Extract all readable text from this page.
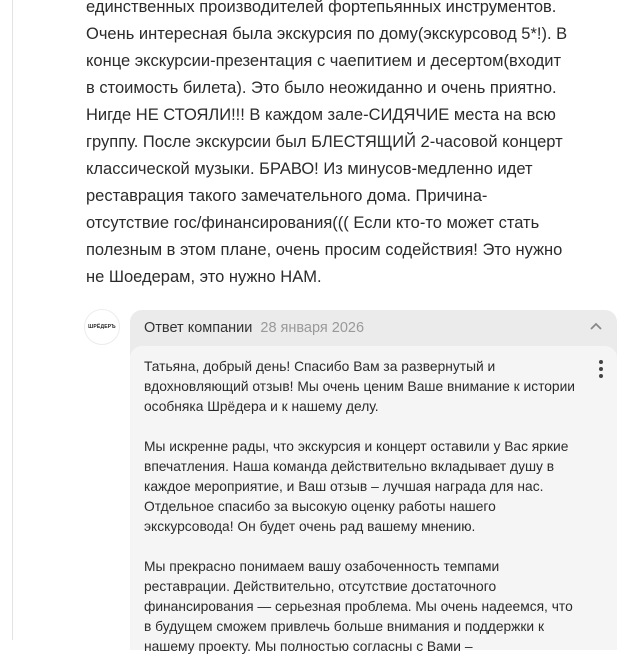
единственных производителей фортепьянных инструментов.

Очень интересная была экскурсия по дому(экскурсовод 5*!). В

конце экскурсии-презентация с чаепитием и десертом(входит

в стоимость билета). Это было неожиданно и очень приятно.

Нигде НЕ СТОЯЛИ!!! В каждом зале-СИДЯЧИЕ места на всю

группу. После экскурсии был БЛЕСТЯЩИЙ 2-часовой концерт

классической музыки. БРАВО! Из минусов-медленно идет

реставрация такого замечательного дома. Причина-

отсутствие гос/финансирования((( Если кто-то может стать

полезным в этом плане, очень просим содействия! Это нужно

не Шоедерам, это нужно НАМ.

ШРЁДЕРЪ Ответ компании 28 января 2026

Татьяна, добрый день! Спасибо Вам за развернутый и вдохновляющий отзыв! Мы очень ценим Ваше внимание к истории особняка Шрёдера и к нашему делу.

Мы искренне рады, что экскурсия и концерт оставили у Вас яркие впечатления. Наша команда действительно вкладывает душу в каждое мероприятие, и Ваш отзыв – лучшая награда для нас. Отдельное спасибо за высокую оценку работы нашего экскурсовода! Он будет очень рад вашему мнению.

Мы прекрасно понимаем вашу озабоченность темпами реставрации. Действительно, отсутствие достаточного финансирования — серьезная проблема. Мы очень надеемся, что в будущем сможем привлечь больше внимания и поддержки к нашему проекту. Мы полностью согласны с Вами –
